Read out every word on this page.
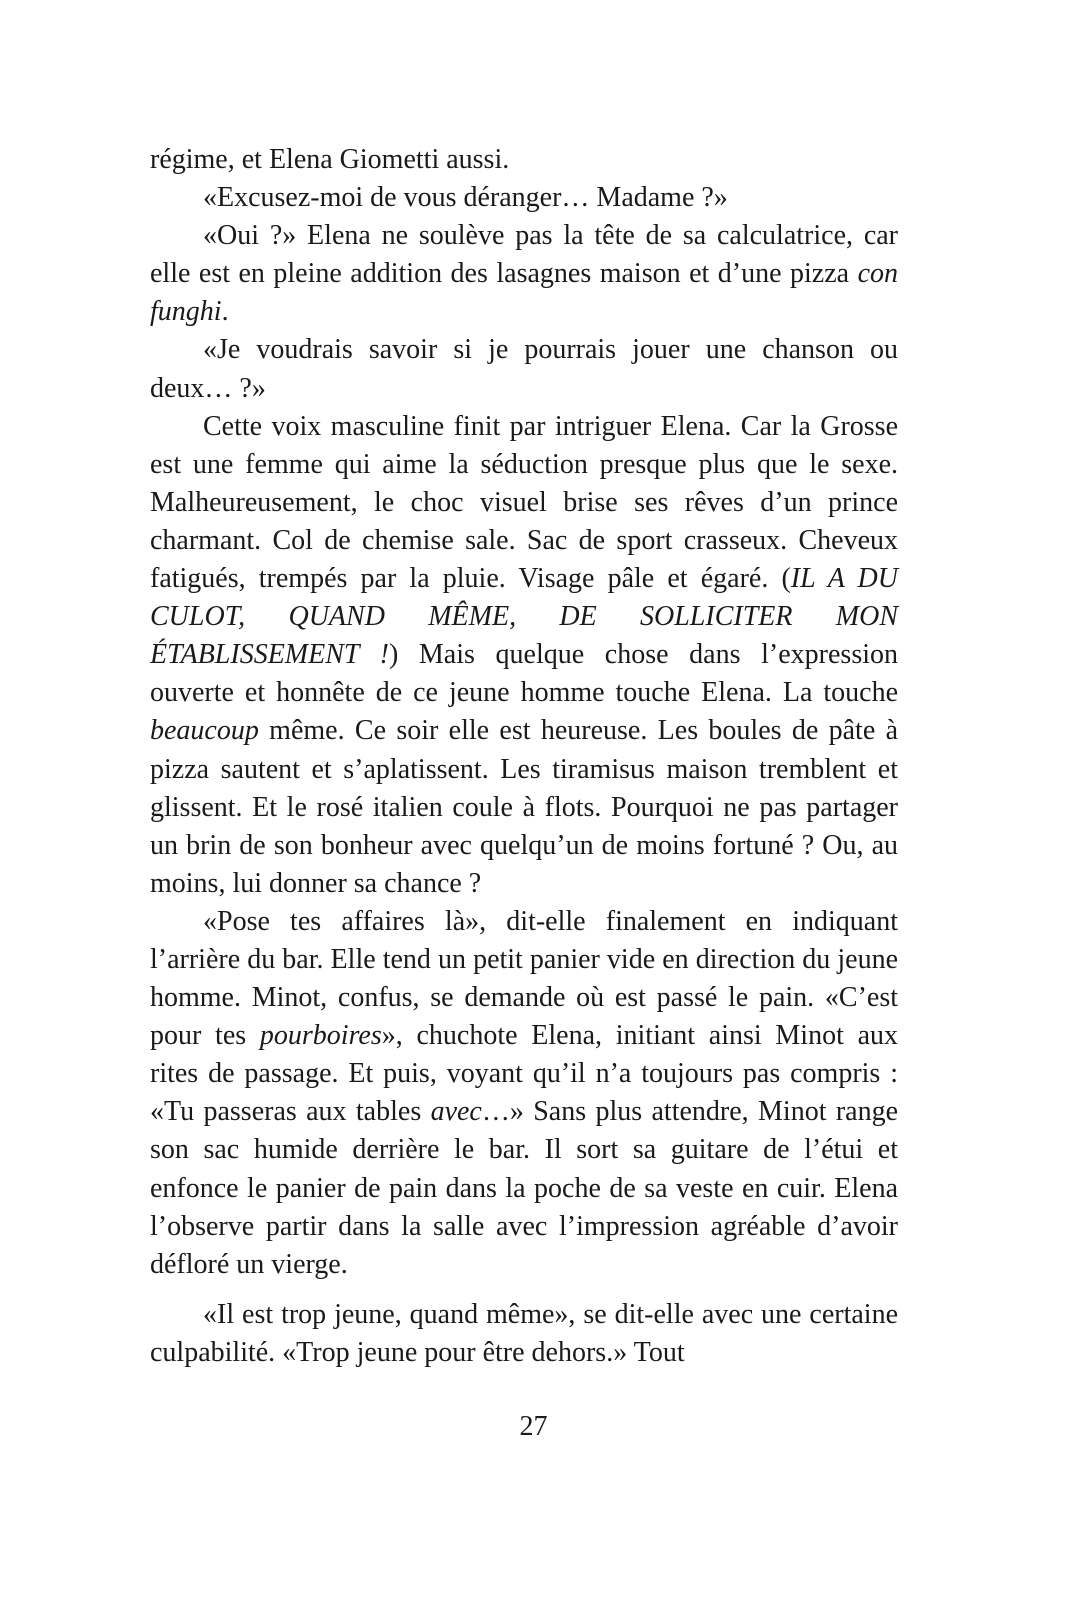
régime, et Elena Giometti aussi.

«Excusez-moi de vous déranger… Madame ?»

«Oui ?» Elena ne soulève pas la tête de sa calculatrice, car elle est en pleine addition des lasagnes maison et d’une pizza con funghi.

«Je voudrais savoir si je pourrais jouer une chanson ou deux… ?»

Cette voix masculine finit par intriguer Elena. Car la Grosse est une femme qui aime la séduction presque plus que le sexe. Malheureusement, le choc visuel brise ses rêves d’un prince charmant. Col de chemise sale. Sac de sport crasseux. Cheveux fatigués, trempés par la pluie. Visage pâle et égaré. (IL A DU CULOT, QUAND MÊME, DE SOLLICITER MON ÉTABLISSEMENT !) Mais quelque chose dans l’expression ouverte et honnête de ce jeune homme touche Elena. La touche beaucoup même. Ce soir elle est heureuse. Les boules de pâte à pizza sautent et s’aplatissent. Les tiramisus maison tremblent et glissent. Et le rosé italien coule à flots. Pourquoi ne pas partager un brin de son bonheur avec quelqu’un de moins fortuné ? Ou, au moins, lui donner sa chance ?

«Pose tes affaires là», dit-elle finalement en indiquant l’arrière du bar. Elle tend un petit panier vide en direction du jeune homme. Minot, confus, se demande où est passé le pain. «C’est pour tes pourboires», chuchote Elena, initiant ainsi Minot aux rites de passage. Et puis, voyant qu’il n’a toujours pas compris : «Tu passeras aux tables avec…» Sans plus attendre, Minot range son sac humide derrière le bar. Il sort sa guitare de l’étui et enfonce le panier de pain dans la poche de sa veste en cuir. Elena l’observe partir dans la salle avec l’impression agréable d’avoir défloré un vierge.

«Il est trop jeune, quand même», se dit-elle avec une certaine culpabilité. «Trop jeune pour être dehors.» Tout

27
